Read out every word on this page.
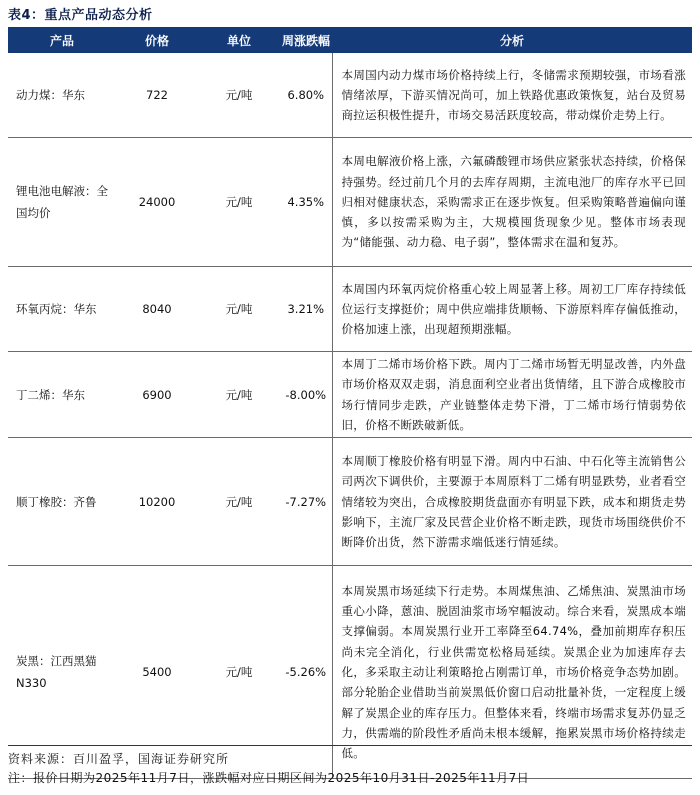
表4：重点产品动态分析
产品	价格	单位	周涨跌幅	分析
动力煤：华东	722	元/吨	6.80%	本周国内动力煤市场价格持续上行，冬储需求预期较强，市场看涨情绪浓厚，下游买情况尚可，加上铁路优惠政策恢复，站台及贸易商拉运积极性提升，市场交易活跃度较高，带动煤价走势上行。
锂电池电解液：全国均价	24000	元/吨	4.35%	本周电解液价格上涨，六氟磷酸锂市场供应紧张状态持续，价格保持强势。经过前几个月的去库存周期，主流电池厂的库存水平已回归相对健康状态，采购需求正在逐步恢复。但采购策略普遍偏向谨慎，多以按需采购为主，大规模囤货现象少见。整体市场表现为“储能强、动力稳、电子弱”，整体需求在温和复苏。
环氧丙烷：华东	8040	元/吨	3.21%	本周国内环氧丙烷价格重心较上周显著上移。周初工厂库存持续低位运行支撑挺价；周中供应端排货顺畅、下游原料库存偏低推动，价格加速上涨，出现超预期涨幅。
丁二烯：华东	6900	元/吨	-8.00%	本周丁二烯市场价格下跌。周内丁二烯市场暂无明显改善，内外盘市场价格双双走弱，消息面利空业者出货情绪，且下游合成橡胶市场行情同步走跌，产业链整体走势下滑，丁二烯市场行情弱势依旧，价格不断跌破新低。
顺丁橡胶：齐鲁	10200	元/吨	-7.27%	本周顺丁橡胶价格有明显下滑。周内中石油、中石化等主流销售公司两次下调供价，主要源于本周原料丁二烯有明显跌势，业者看空情绪较为突出，合成橡胶期货盘面亦有明显下跌，成本和期货走势影响下，主流厂家及民营企业价格不断走跌，现货市场围绕供价不断降价出货，然下游需求端低迷行情延续。
炭黑：江西黑猫N330	5400	元/吨	-5.26%	本周炭黑市场延续下行走势。本周煤焦油、乙烯焦油、炭黑油市场重心小降，蒽油、脱固油浆市场窄幅波动。综合来看，炭黑成本端支撑偏弱。本周炭黑行业开工率降至64.74%，叠加前期库存积压尚未完全消化，行业供需宽松格局延续。炭黑企业为加速库存去化，多采取主动让利策略抢占刚需订单，市场价格竞争态势加剧。部分轮胎企业借助当前炭黑低价窗口启动批量补货，一定程度上缓解了炭黑企业的库存压力。但整体来看，终端市场需求复苏仍显乏力，供需端的阶段性矛盾尚未根本缓解，拖累炭黑市场价格持续走低。
资料来源：百川盈孚，国海证券研究所
注：报价日期为2025年11月7日，涨跌幅对应日期区间为2025年10月31日-2025年11月7日
